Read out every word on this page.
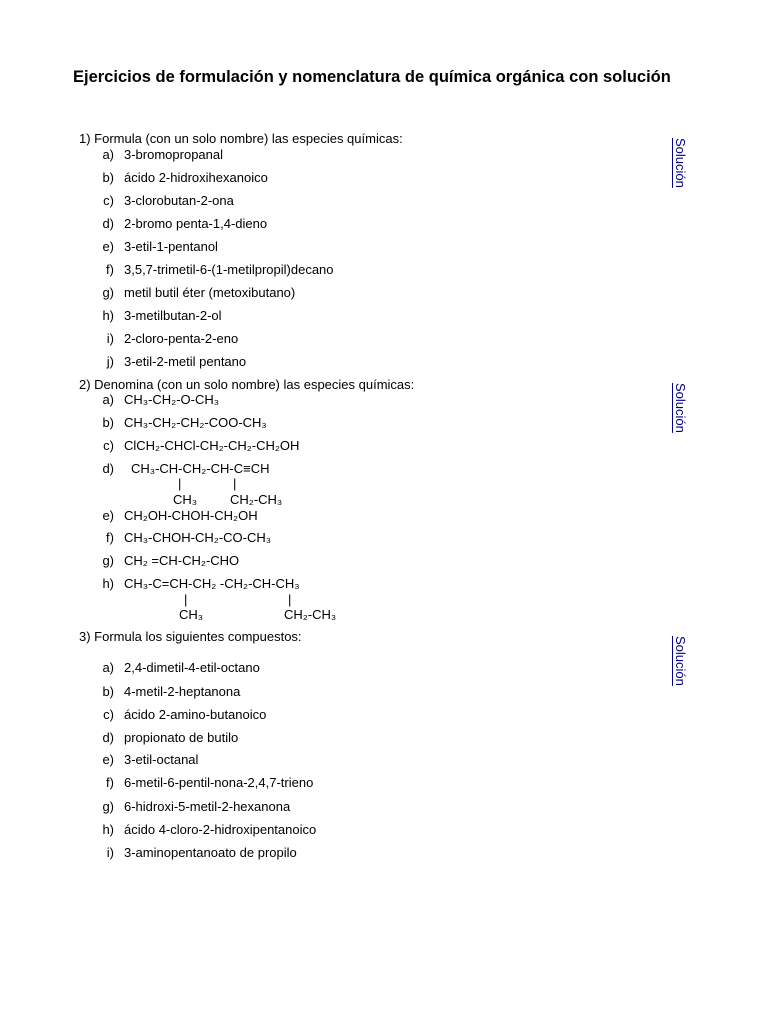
Ejercicios de formulación y nomenclatura de química orgánica con solución
1) Formula (con un solo nombre) las especies químicas:	Solución
a) 3-bromopropanal
b) ácido 2-hidroxihexanoico
c) 3-clorobutan-2-ona
d) 2-bromo penta-1,4-dieno
e) 3-etil-1-pentanol
f) 3,5,7-trimetil-6-(1-metilpropil)decano
g) metil butil éter (metoxibutano)
h) 3-metilbutan-2-ol
i) 2-cloro-penta-2-eno
j) 3-etil-2-metil pentano
2) Denomina (con un solo nombre) las especies químicas:	Solución
a) CH₃-CH₂-O-CH₃
b) CH₃-CH₂-CH₂-COO-CH₃
c) ClCH₂-CHCl-CH₂-CH₂-CH₂OH
d) CH₃-CH-CH₂-CH-C≡CH
|	|
CH₃	CH₂-CH₃
e) CH₂OH-CHOH-CH₂OH
f) CH₃-CHOH-CH₂-CO-CH₃
g) CH₂ =CH-CH₂-CHO
h) CH₃-C=CH-CH₂ -CH₂-CH-CH₃
|	|
CH₃	CH₂-CH₃
3) Formula los siguientes compuestos:	Solución
a) 2,4-dimetil-4-etil-octano
b) 4-metil-2-heptanona
c) ácido 2-amino-butanoico
d) propionato de butilo
e) 3-etil-octanal
f) 6-metil-6-pentil-nona-2,4,7-trieno
g) 6-hidroxi-5-metil-2-hexanona
h) ácido 4-cloro-2-hidroxipentanoico
i) 3-aminopentanoato de propilo
